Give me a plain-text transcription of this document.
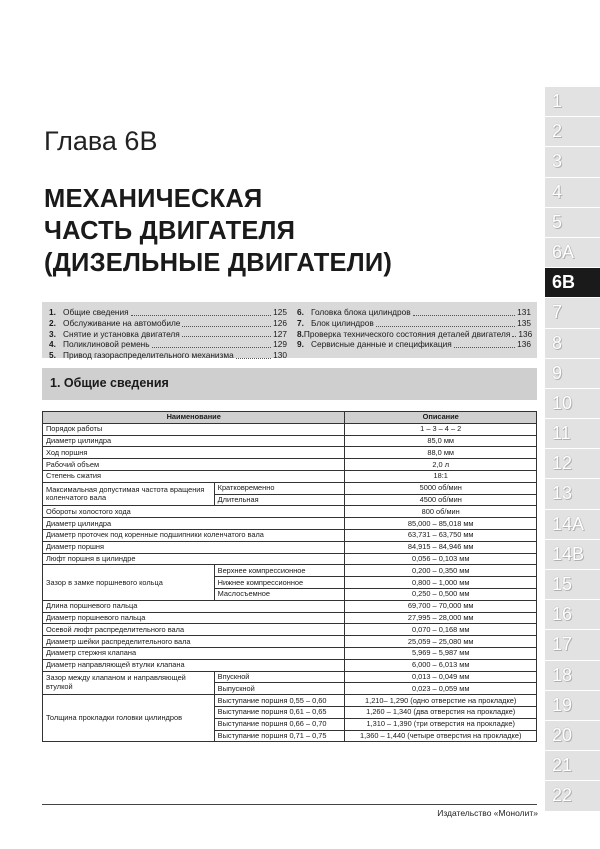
Глава 6В
МЕХАНИЧЕСКАЯ
ЧАСТЬ ДВИГАТЕЛЯ
(ДИЗЕЛЬНЫЕ ДВИГАТЕЛИ)
1. Общие сведения	125
2. Обслуживание на автомобиле	126
3. Снятие и установка двигателя	127
4. Поликлиновой ремень	129
5. Привод газораспределительного механизма	130
6. Головка блока цилиндров	131
7. Блок цилиндров	135
8. Проверка технического состояния деталей двигателя 136
9. Сервисные данные и спецификация	136
1. Общие сведения
Наименование		Описание
Порядок работы		1 – 3 – 4 – 2
Диаметр цилиндра		85,0 мм
Ход поршня		88,0 мм
Рабочий объем		2,0 л
Степень сжатия		18:1
Максимальная допустимая частота вращения коленчатого вала	Кратковременно	5000 об/мин
	Длительная	4500 об/мин
Обороты холостого хода		800 об/мин
Диаметр цилиндра		85,000 – 85,018 мм
Диаметр проточек под коренные подшипники коленчатого вала		63,731 – 63,750 мм
Диаметр поршня		84,915 – 84,946 мм
Люфт поршня в цилиндре		0,056 – 0,103 мм
Зазор в замке поршневого кольца	Верхнее компрессионное	0,200 – 0,350 мм
	Нижнее компрессионное	0,800 – 1,000 мм
	Маслосъемное	0,250 – 0,500 мм
Длина поршневого пальца		69,700 – 70,000 мм
Диаметр поршневого пальца		27,995 – 28,000 мм
Осевой люфт распределительного вала		0,070 – 0,168 мм
Диаметр шейки распределительного вала		25,059 – 25,080 мм
Диаметр стержня клапана		5,969 – 5,987 мм
Диаметр направляющей втулки клапана		6,000 – 6,013 мм
Зазор между клапаном и направляющей втулкой	Впускной	0,013 – 0,049 мм
	Выпускной	0,023 – 0,059 мм
Толщина прокладки головки цилиндров	Выступание поршня 0,55 – 0,60	1,210– 1,290 (одно отверстие на прокладке)
	Выступание поршня 0,61 – 0,65	1,260 – 1,340 (два отверстия на прокладке)
	Выступание поршня 0,66 – 0,70	1,310 – 1,390 (три отверстия на прокладке)
	Выступание поршня 0,71 – 0,75	1,360 – 1,440 (четыре отверстия на прокладке)
1
2
3
4
5
6A
6B
7
8
9
10
11
12
13
14A
14B
15
16
17
18
19
20
21
22
Издательство «Монолит»
